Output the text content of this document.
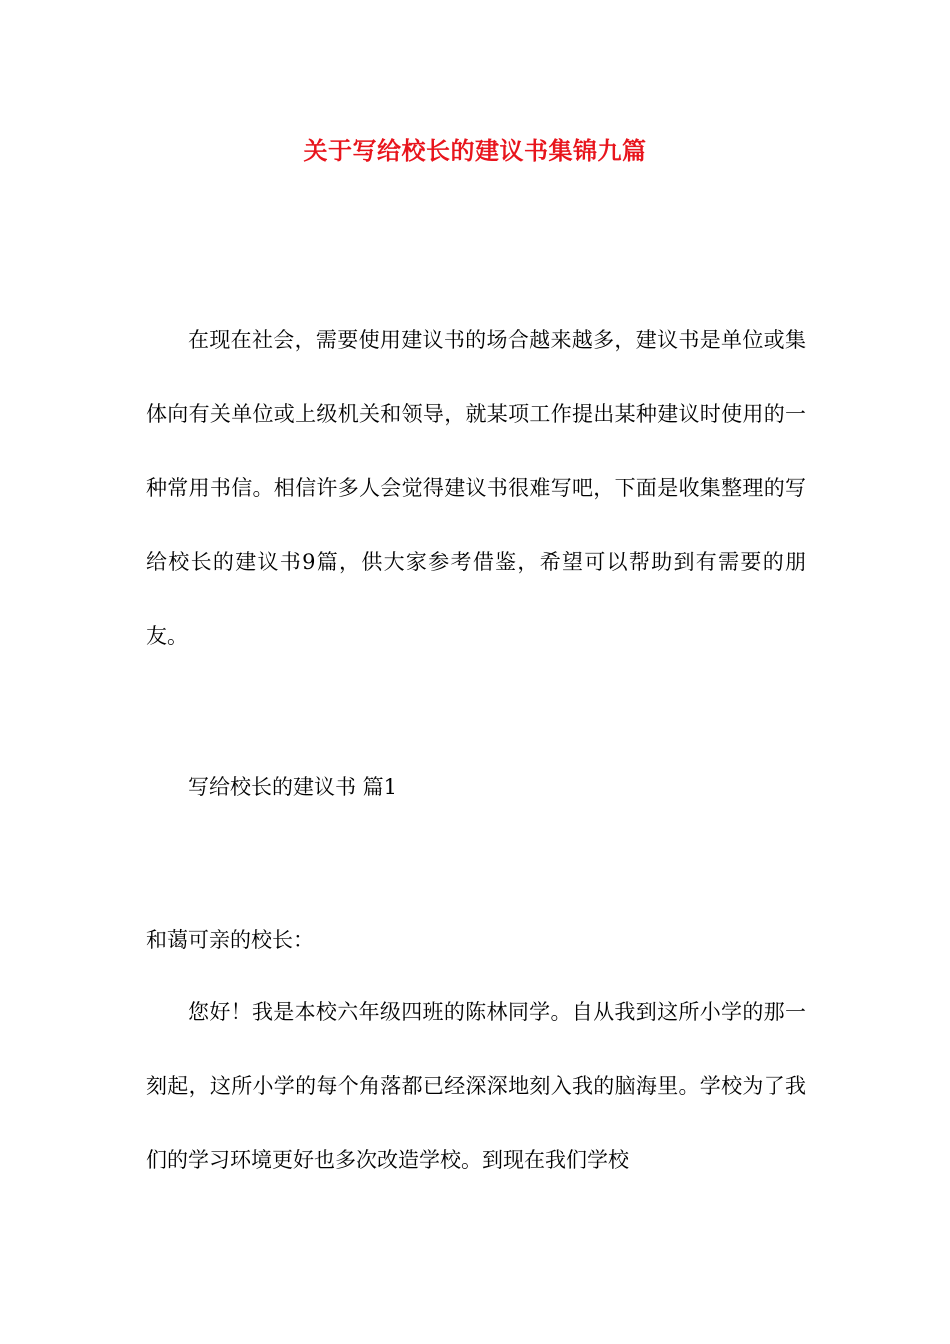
关于写给校长的建议书集锦九篇

在现在社会，需要使用建议书的场合越来越多，建议书是单位或集体向有关单位或上级机关和领导，就某项工作提出某种建议时使用的一种常用书信。相信许多人会觉得建议书很难写吧，下面是收集整理的写给校长的建议书9篇，供大家参考借鉴，希望可以帮助到有需要的朋友。

写给校长的建议书 篇1

和蔼可亲的校长：

您好！我是本校六年级四班的陈林同学。自从我到这所小学的那一刻起，这所小学的每个角落都已经深深地刻入我的脑海里。学校为了我们的学习环境更好也多次改造学校。到现在我们学校
